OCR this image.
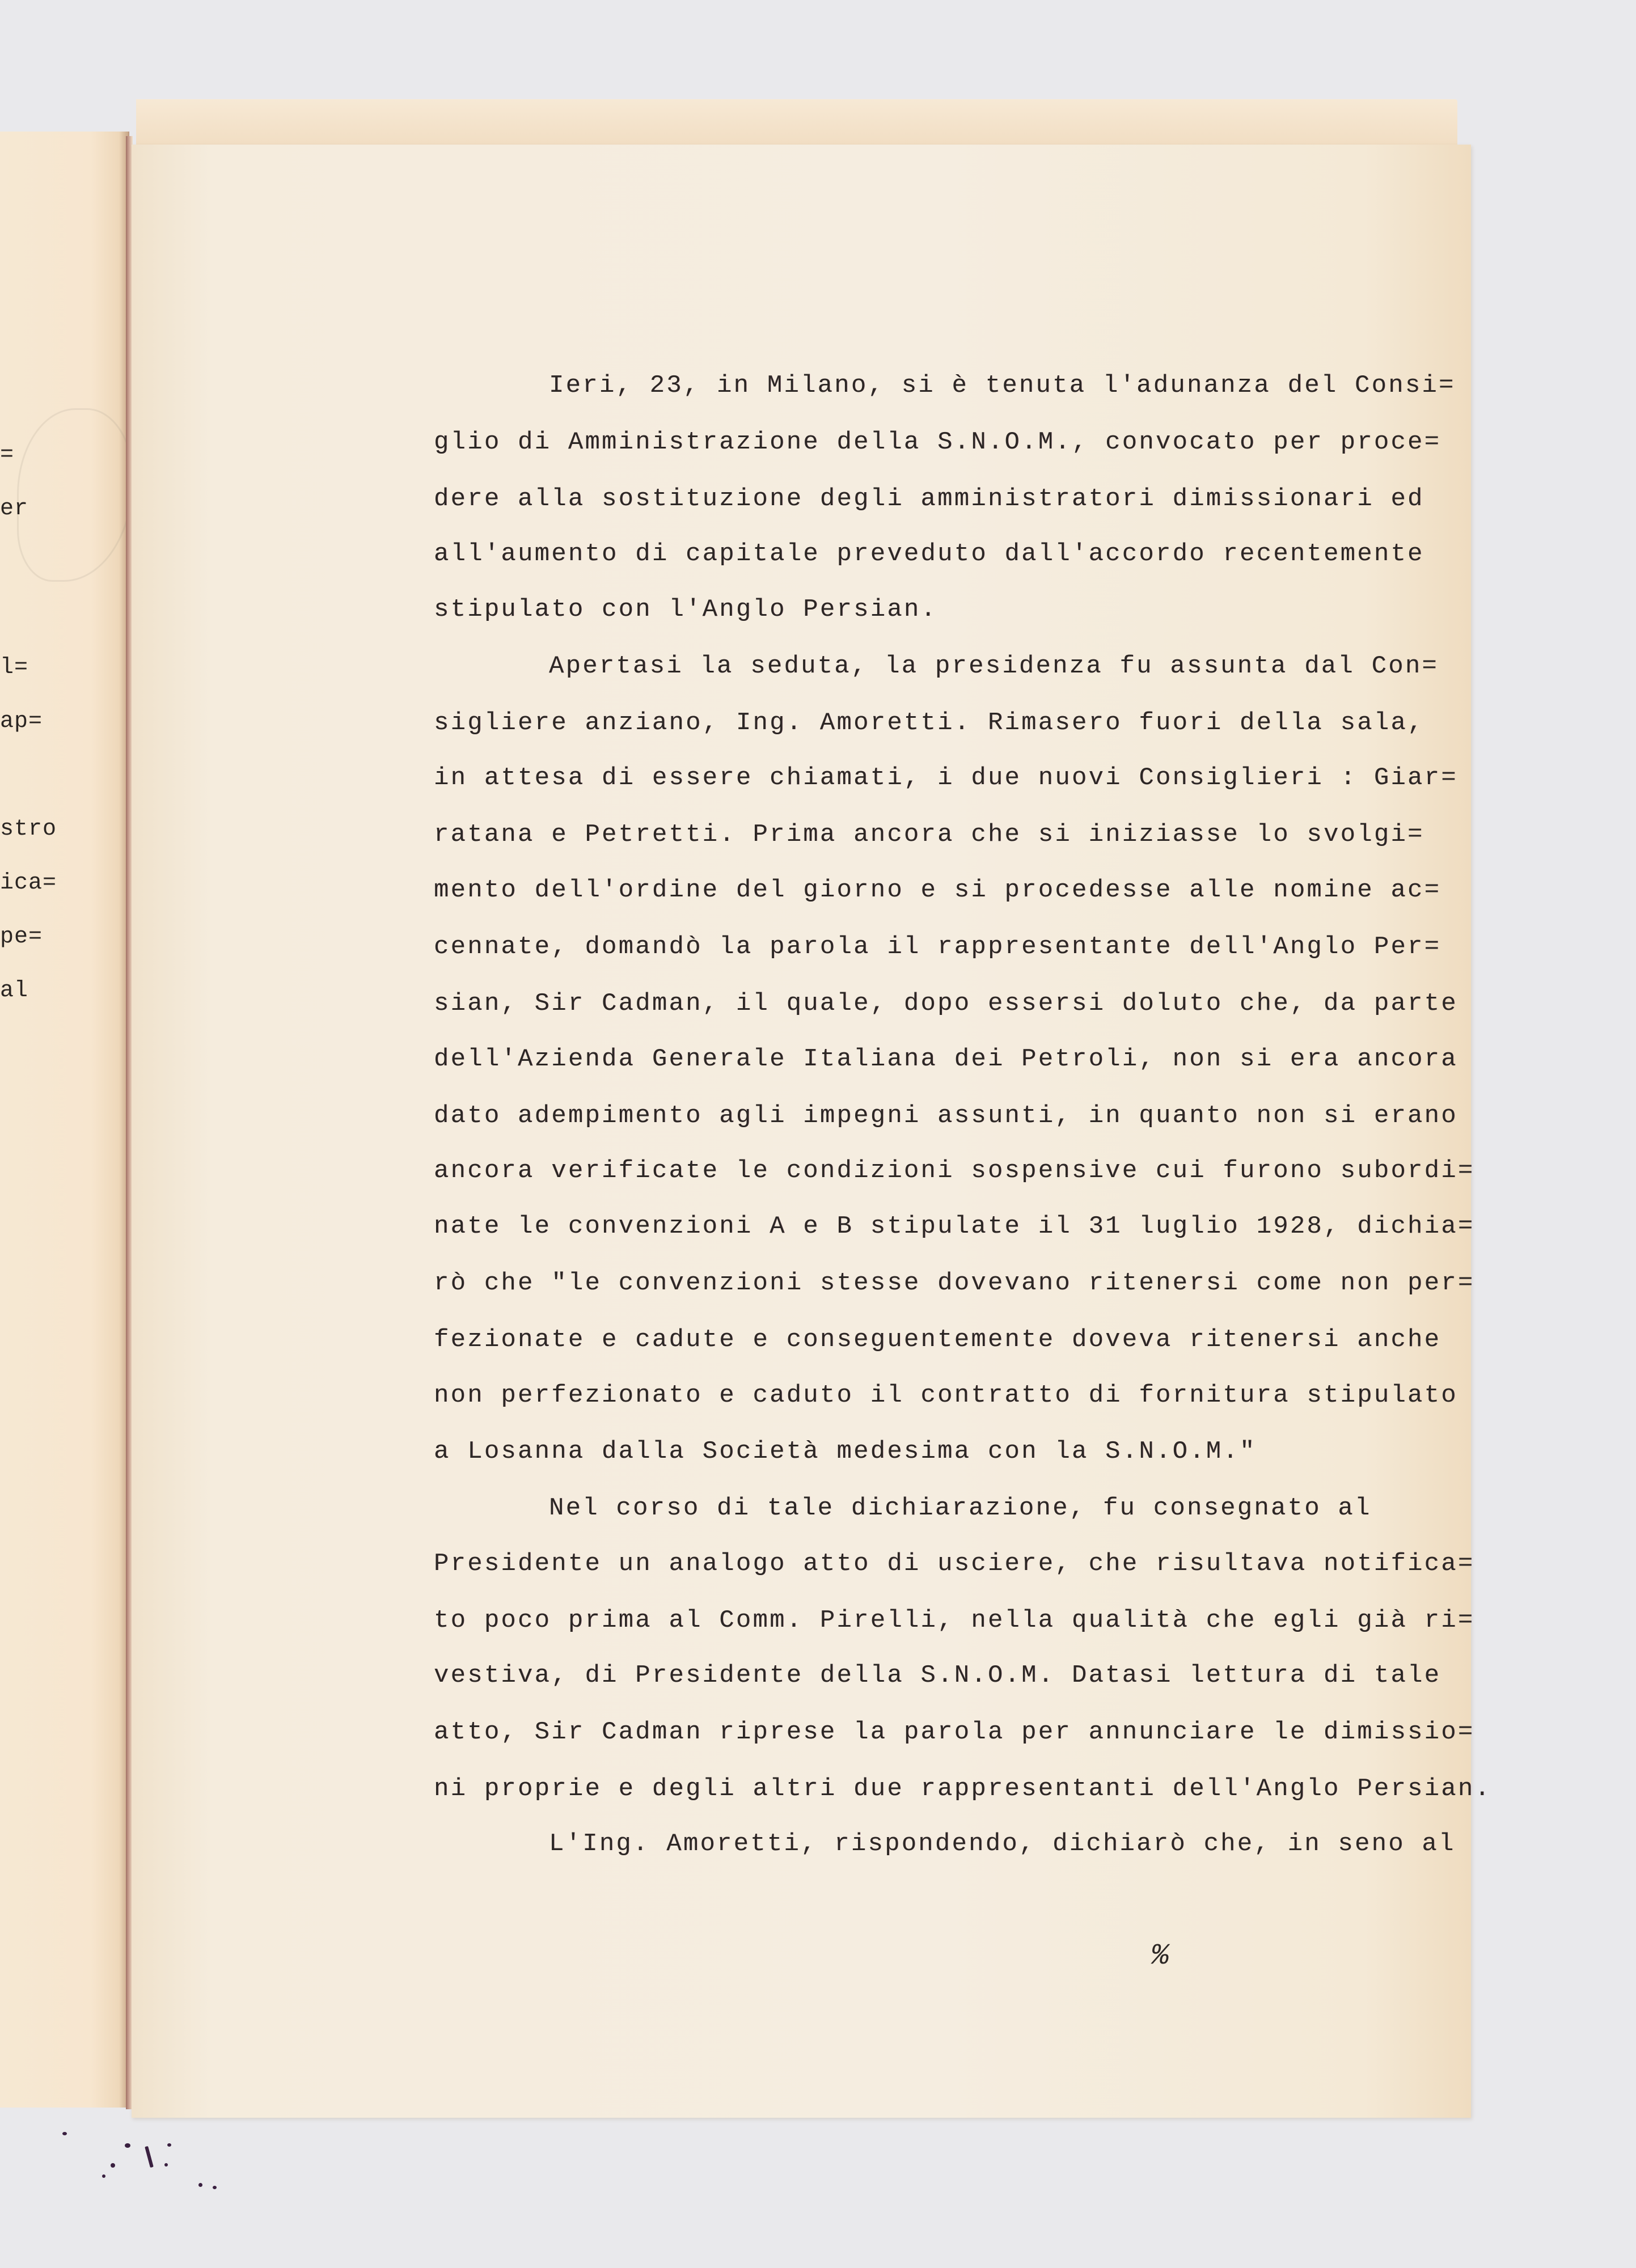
=
er
l=
ap=
stro
ica=
pe=
al
Ieri, 23, in Milano, si è tenuta l'adunanza del Consi=
glio di Amministrazione della S.N.O.M., convocato per proce=
dere alla sostituzione degli amministratori dimissionari ed
all'aumento di capitale preveduto dall'accordo recentemente
stipulato con l'Anglo Persian.
Apertasi la seduta, la presidenza fu assunta dal Con=
sigliere anziano, Ing. Amoretti. Rimasero fuori della sala,
in attesa di essere chiamati, i due nuovi Consiglieri : Giar=
ratana e Petretti. Prima ancora che si iniziasse lo svolgi=
mento dell'ordine del giorno e si procedesse alle nomine ac=
cennate, domandò la parola il rappresentante dell'Anglo Per=
sian, Sir Cadman, il quale, dopo essersi doluto che, da parte
dell'Azienda Generale Italiana dei Petroli, non si era ancora
dato adempimento agli impegni assunti, in quanto non si erano
ancora verificate le condizioni sospensive cui furono subordi=
nate le convenzioni A e B stipulate il 31 luglio 1928, dichia=
rò che "le convenzioni stesse dovevano ritenersi come non per=
fezionate e cadute e conseguentemente doveva ritenersi anche
non perfezionato e caduto il contratto di fornitura stipulato
a Losanna dalla Società medesima con la S.N.O.M."
Nel corso di tale dichiarazione, fu consegnato al
Presidente un analogo atto di usciere, che risultava notifica=
to poco prima al Comm. Pirelli, nella qualità che egli già ri=
vestiva, di Presidente della S.N.O.M. Datasi lettura di tale
atto, Sir Cadman riprese la parola per annunciare le dimissio=
ni proprie e degli altri due rappresentanti dell'Anglo Persian.
L'Ing. Amoretti, rispondendo, dichiarò che, in seno al
%
